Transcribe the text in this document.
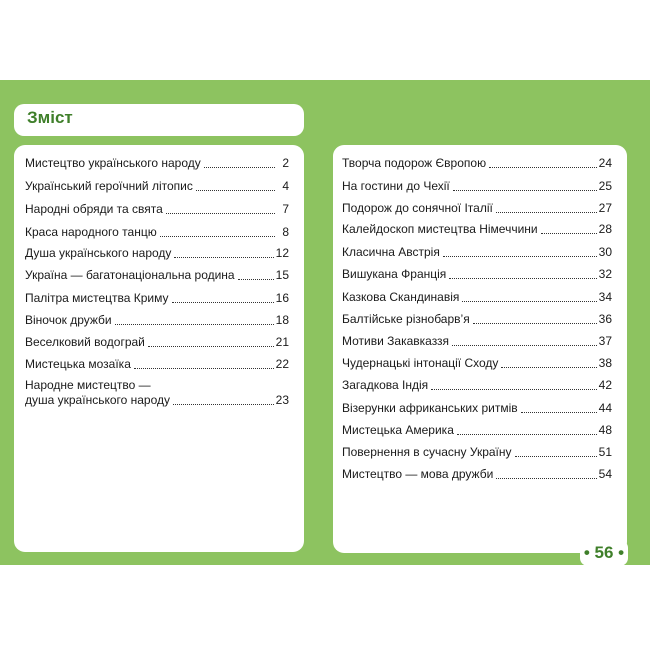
Зміст
Мистецтво українського народу	2
Український героїчний літопис	4
Народні обряди та свята	7
Краса народного танцю	8
Душа українського народу	12
Україна — багатонаціональна родина	15
Палітра мистецтва Криму	16
Віночок дружби	18
Веселковий водограй	21
Мистецька мозаїка	22
Народне мистецтво —
душа українського народу	23
Творча подорож Європою	24
На гостини до Чехії	25
Подорож до сонячної Італії	27
Калейдоскоп мистецтва Німеччини	28
Класична Австрія	30
Вишукана Франція	32
Казкова Скандинавія	34
Балтійське різнобарв’я	36
Мотиви Закавказзя	37
Чудернацькі інтонації Сходу	38
Загадкова Індія	42
Візерунки африканських ритмів	44
Мистецька Америка	48
Повернення в сучасну Україну	51
Мистецтво — мова дружби	54
• 56 •
